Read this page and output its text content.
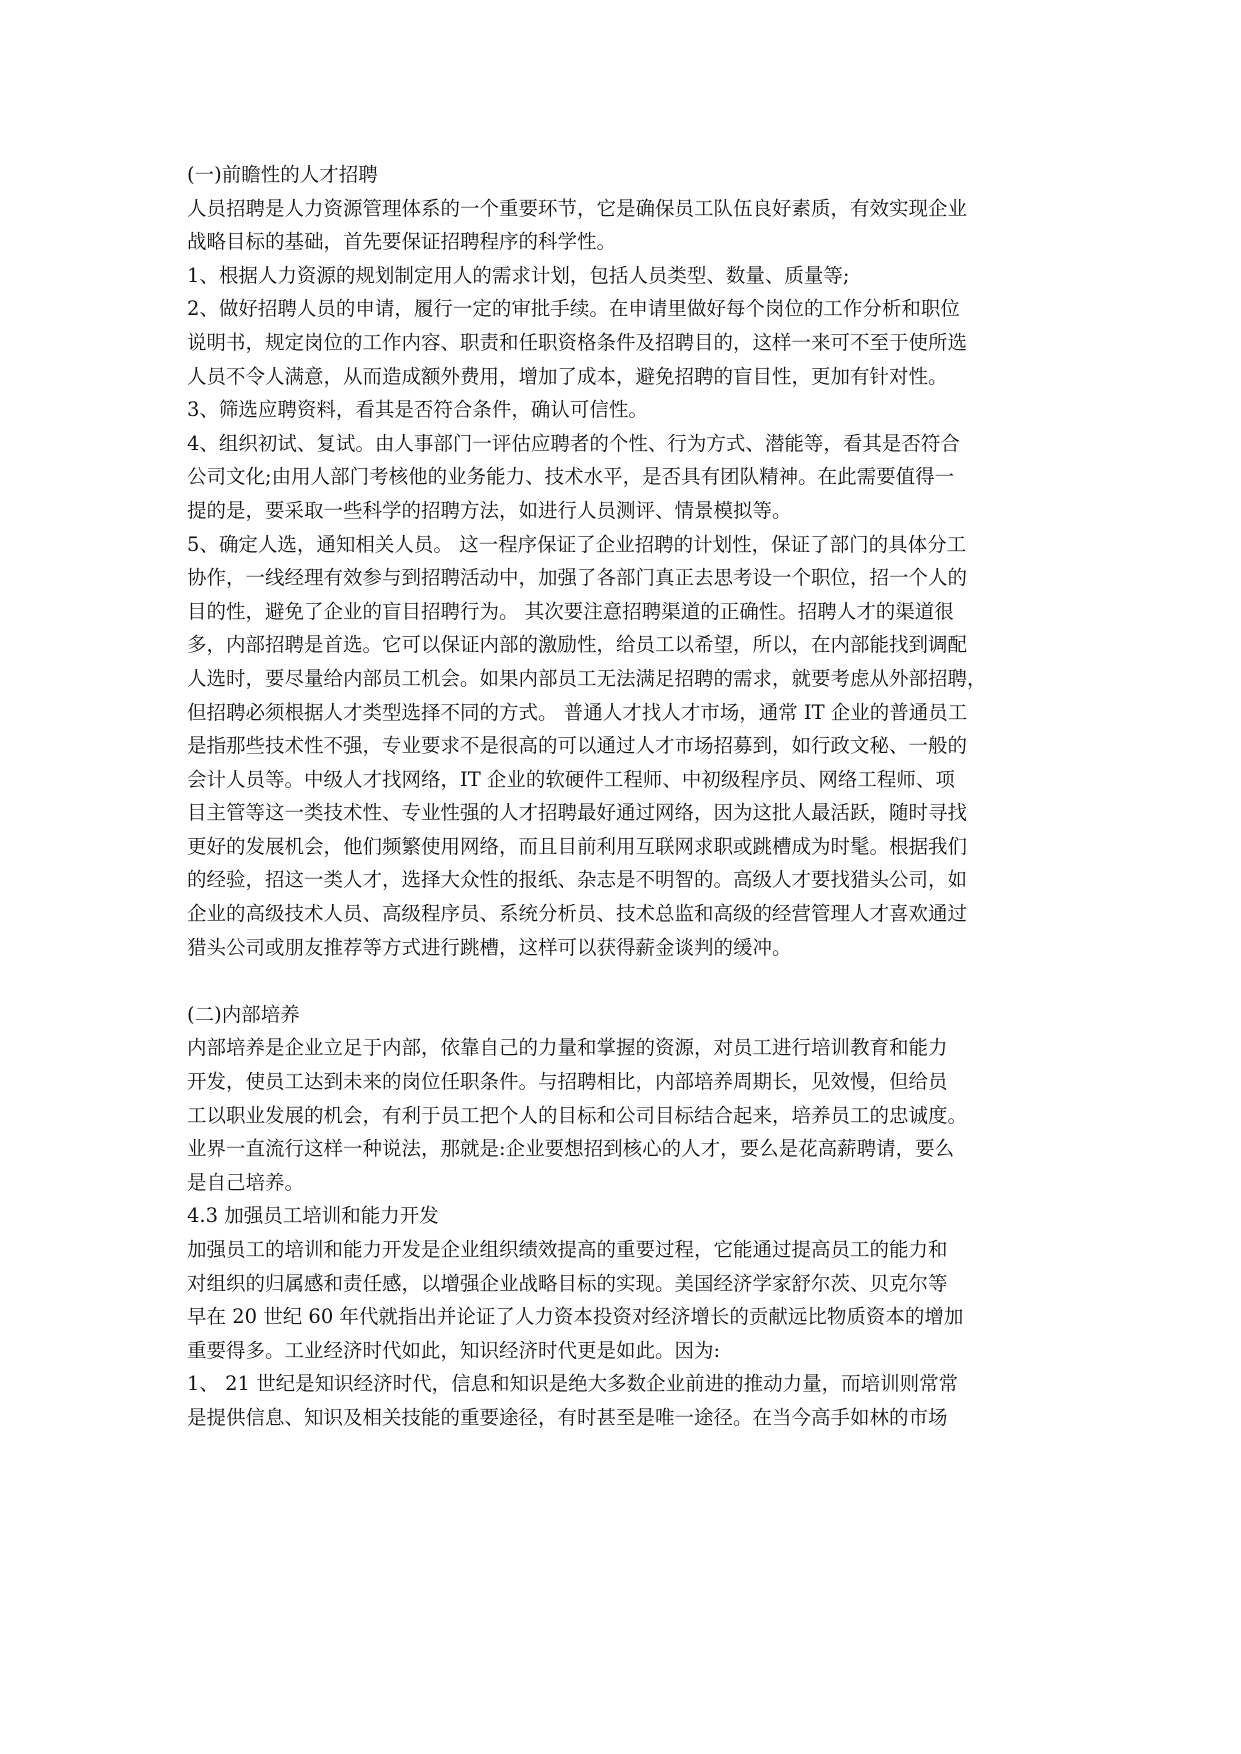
(一)前瞻性的人才招聘
人员招聘是人力资源管理体系的一个重要环节，它是确保员工队伍良好素质，有效实现企业
战略目标的基础，首先要保证招聘程序的科学性。
1、根据人力资源的规划制定用人的需求计划，包括人员类型、数量、质量等;
2、做好招聘人员的申请，履行一定的审批手续。在申请里做好每个岗位的工作分析和职位
说明书，规定岗位的工作内容、职责和任职资格条件及招聘目的，这样一来可不至于使所选
人员不令人满意，从而造成额外费用，增加了成本，避免招聘的盲目性，更加有针对性。
3、筛选应聘资料，看其是否符合条件，确认可信性。
4、组织初试、复试。由人事部门一评估应聘者的个性、行为方式、潜能等，看其是否符合
公司文化;由用人部门考核他的业务能力、技术水平，是否具有团队精神。在此需要值得一
提的是，要采取一些科学的招聘方法，如进行人员测评、情景模拟等。
5、确定人选，通知相关人员。 这一程序保证了企业招聘的计划性，保证了部门的具体分工
协作，一线经理有效参与到招聘活动中，加强了各部门真正去思考设一个职位，招一个人的
目的性，避免了企业的盲目招聘行为。 其次要注意招聘渠道的正确性。招聘人才的渠道很
多，内部招聘是首选。它可以保证内部的激励性，给员工以希望，所以，在内部能找到调配
人选时，要尽量给内部员工机会。如果内部员工无法满足招聘的需求，就要考虑从外部招聘，
但招聘必须根据人才类型选择不同的方式。 普通人才找人才市场，通常 IT 企业的普通员工
是指那些技术性不强，专业要求不是很高的可以通过人才市场招募到，如行政文秘、一般的
会计人员等。中级人才找网络，IT 企业的软硬件工程师、中初级程序员、网络工程师、项
目主管等这一类技术性、专业性强的人才招聘最好通过网络，因为这批人最活跃，随时寻找
更好的发展机会，他们频繁使用网络，而且目前利用互联网求职或跳槽成为时髦。根据我们
的经验，招这一类人才，选择大众性的报纸、杂志是不明智的。高级人才要找猎头公司，如
企业的高级技术人员、高级程序员、系统分析员、技术总监和高级的经营管理人才喜欢通过
猎头公司或朋友推荐等方式进行跳槽，这样可以获得薪金谈判的缓冲。
(二)内部培养
内部培养是企业立足于内部，依靠自己的力量和掌握的资源，对员工进行培训教育和能力
开发，使员工达到未来的岗位任职条件。与招聘相比，内部培养周期长，见效慢，但给员
工以职业发展的机会，有利于员工把个人的目标和公司目标结合起来，培养员工的忠诚度。
业界一直流行这样一种说法，那就是:企业要想招到核心的人才，要么是花高薪聘请，要么
是自己培养。
4.3 加强员工培训和能力开发
加强员工的培训和能力开发是企业组织绩效提高的重要过程，它能通过提高员工的能力和
对组织的归属感和责任感，以增强企业战略目标的实现。美国经济学家舒尔茨、贝克尔等
早在 20 世纪 60 年代就指出并论证了人力资本投资对经济增长的贡献远比物质资本的增加
重要得多。工业经济时代如此，知识经济时代更是如此。因为:
1、 21 世纪是知识经济时代，信息和知识是绝大多数企业前进的推动力量，而培训则常常
是提供信息、知识及相关技能的重要途径，有时甚至是唯一途径。在当今高手如林的市场
